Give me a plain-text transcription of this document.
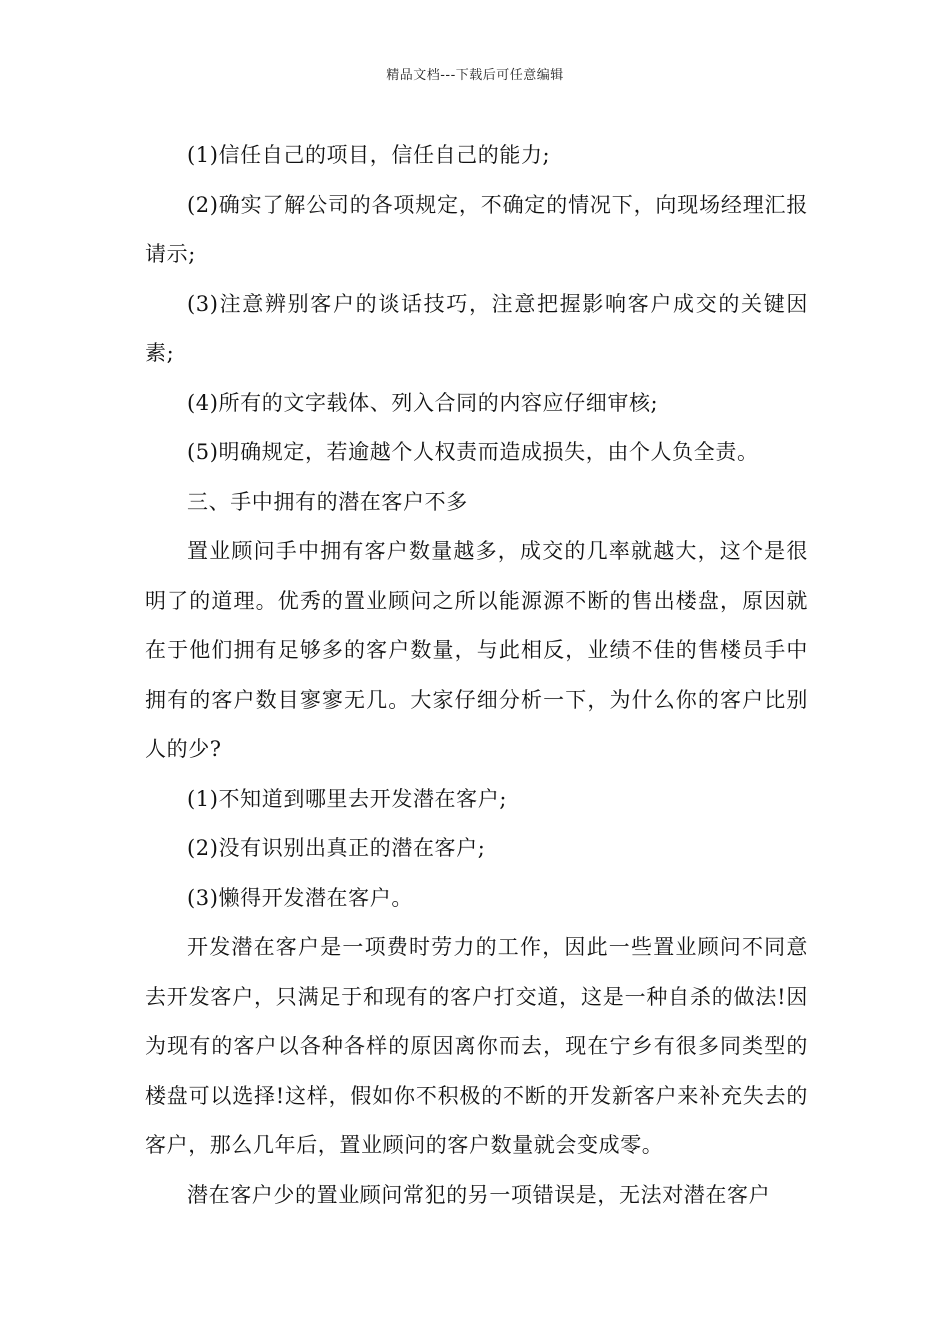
精品文档---下载后可任意编辑

(1)信任自己的项目，信任自己的能力;

(2)确实了解公司的各项规定，不确定的情况下，向现场经理汇报请示;

(3)注意辨别客户的谈话技巧，注意把握影响客户成交的关键因素;

(4)所有的文字载体、列入合同的内容应仔细审核;

(5)明确规定，若逾越个人权责而造成损失，由个人负全责。

三、手中拥有的潜在客户不多

置业顾问手中拥有客户数量越多，成交的几率就越大，这个是很明了的道理。优秀的置业顾问之所以能源源不断的售出楼盘，原因就在于他们拥有足够多的客户数量，与此相反，业绩不佳的售楼员手中拥有的客户数目寥寥无几。大家仔细分析一下，为什么你的客户比别人的少?

(1)不知道到哪里去开发潜在客户;

(2)没有识别出真正的潜在客户;

(3)懒得开发潜在客户。

开发潜在客户是一项费时劳力的工作，因此一些置业顾问不同意去开发客户，只满足于和现有的客户打交道，这是一种自杀的做法!因为现有的客户以各种各样的原因离你而去，现在宁乡有很多同类型的楼盘可以选择!这样，假如你不积极的不断的开发新客户来补充失去的客户，那么几年后，置业顾问的客户数量就会变成零。

潜在客户少的置业顾问常犯的另一项错误是，无法对潜在客户
